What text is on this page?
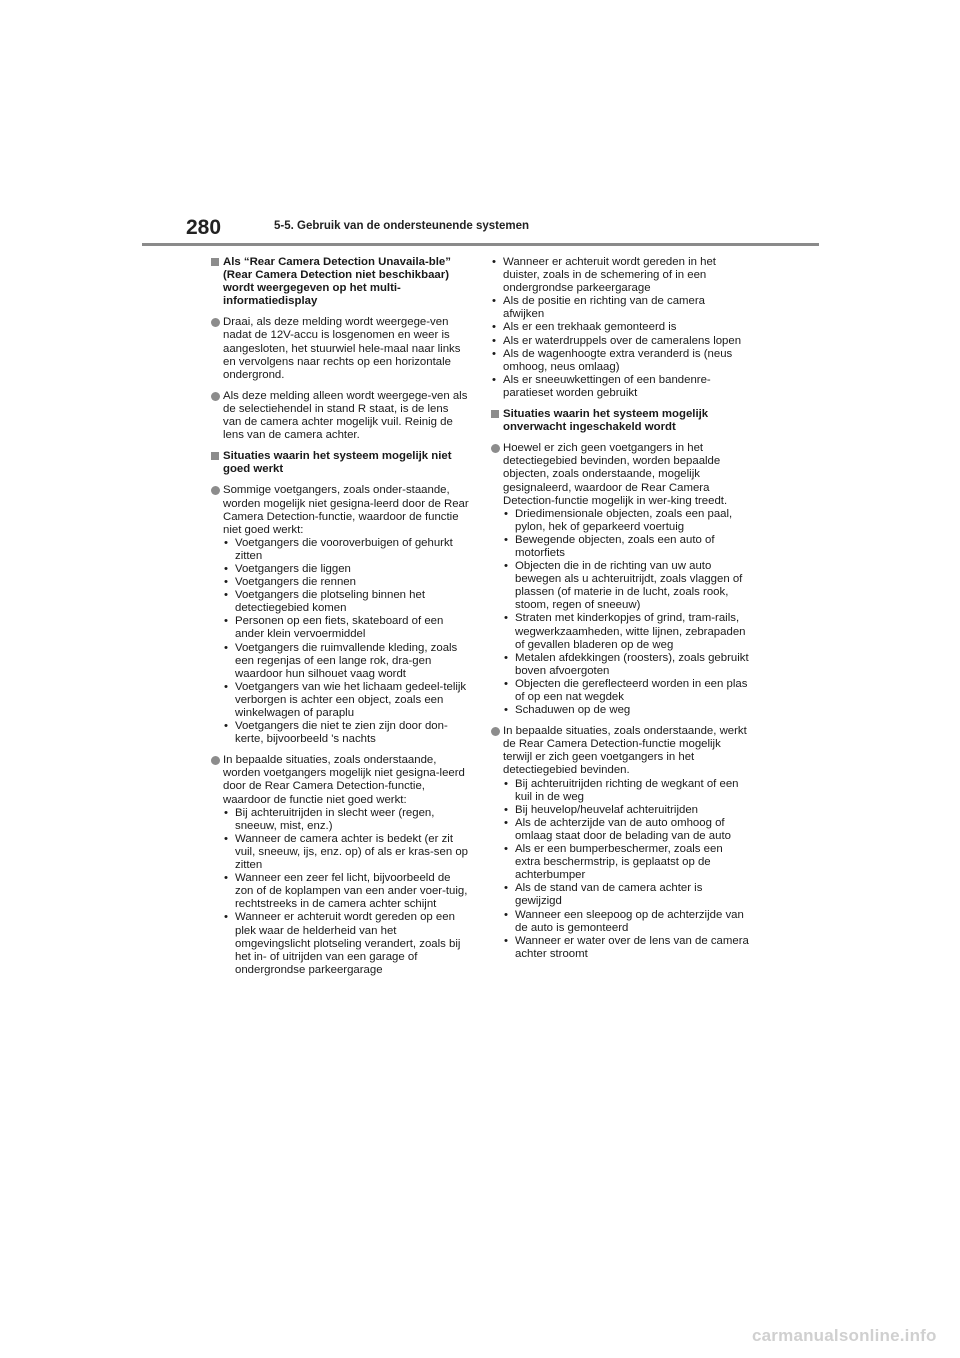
280	5-5. Gebruik van de ondersteunende systemen
Als “Rear Camera Detection Unavaila-ble” (Rear Camera Detection niet beschikbaar) wordt weergegeven op het multi-informatiedisplay
Draai, als deze melding wordt weergege-ven nadat de 12V-accu is losgenomen en weer is aangesloten, het stuurwiel hele-maal naar links en vervolgens naar rechts op een horizontale ondergrond.
Als deze melding alleen wordt weergege-ven als de selectiehendel in stand R staat, is de lens van de camera achter mogelijk vuil. Reinig de lens van de camera achter.
Situaties waarin het systeem mogelijk niet goed werkt
Sommige voetgangers, zoals onder-staande, worden mogelijk niet gesigna-leerd door de Rear Camera Detection-functie, waardoor de functie niet goed werkt:
• Voetgangers die vooroverbuigen of gehurkt zitten
• Voetgangers die liggen
• Voetgangers die rennen
• Voetgangers die plotseling binnen het detectiegebied komen
• Personen op een fiets, skateboard of een ander klein vervoermiddel
• Voetgangers die ruimvallende kleding, zoals een regenjas of een lange rok, dra-gen waardoor hun silhouet vaag wordt
• Voetgangers van wie het lichaam gedeel-telijk verborgen is achter een object, zoals een winkelwagen of paraplu
• Voetgangers die niet te zien zijn door don-kerte, bijvoorbeeld 's nachts
In bepaalde situaties, zoals onderstaande, worden voetgangers mogelijk niet gesigna-leerd door de Rear Camera Detection-functie, waardoor de functie niet goed werkt:
• Bij achteruitrijden in slecht weer (regen, sneeuw, mist, enz.)
• Wanneer de camera achter is bedekt (er zit vuil, sneeuw, ijs, enz. op) of als er kras-sen op zitten
• Wanneer een zeer fel licht, bijvoorbeeld de zon of de koplampen van een ander voer-tuig, rechtstreeks in de camera achter schijnt
• Wanneer er achteruit wordt gereden op een plek waar de helderheid van het omgevingslicht plotseling verandert, zoals bij het in- of uitrijden van een garage of ondergrondse parkeergarage
• Wanneer er achteruit wordt gereden in het duister, zoals in de schemering of in een ondergrondse parkeergarage
• Als de positie en richting van de camera afwijken
• Als er een trekhaak gemonteerd is
• Als er waterdruppels over de cameralens lopen
• Als de wagenhoogte extra veranderd is (neus omhoog, neus omlaag)
• Als er sneeuwkettingen of een bandenre-paratieset worden gebruikt
Situaties waarin het systeem mogelijk onverwacht ingeschakeld wordt
Hoewel er zich geen voetgangers in het detectiegebied bevinden, worden bepaalde objecten, zoals onderstaande, mogelijk gesignaleerd, waardoor de Rear Camera Detection-functie mogelijk in wer-king treedt.
• Driedimensionale objecten, zoals een paal, pylon, hek of geparkeerd voertuig
• Bewegende objecten, zoals een auto of motorfiets
• Objecten die in de richting van uw auto bewegen als u achteruitrijdt, zoals vlaggen of plassen (of materie in de lucht, zoals rook, stoom, regen of sneeuw)
• Straten met kinderkopjes of grind, tram-rails, wegwerkzaamheden, witte lijnen, zebrapaden of gevallen bladeren op de weg
• Metalen afdekkingen (roosters), zoals gebruikt boven afvoergoten
• Objecten die gereflecteerd worden in een plas of op een nat wegdek
• Schaduwen op de weg
In bepaalde situaties, zoals onderstaande, werkt de Rear Camera Detection-functie mogelijk terwijl er zich geen voetgangers in het detectiegebied bevinden.
• Bij achteruitrijden richting de wegkant of een kuil in de weg
• Bij heuvelop/heuvelaf achteruitrijden
• Als de achterzijde van de auto omhoog of omlaag staat door de belading van de auto
• Als er een bumperbeschermer, zoals een extra beschermstrip, is geplaatst op de achterbumper
• Als de stand van de camera achter is gewijzigd
• Wanneer een sleepoog op de achterzijde van de auto is gemonteerd
• Wanneer er water over de lens van de camera achter stroomt
carmanualsonline.info
